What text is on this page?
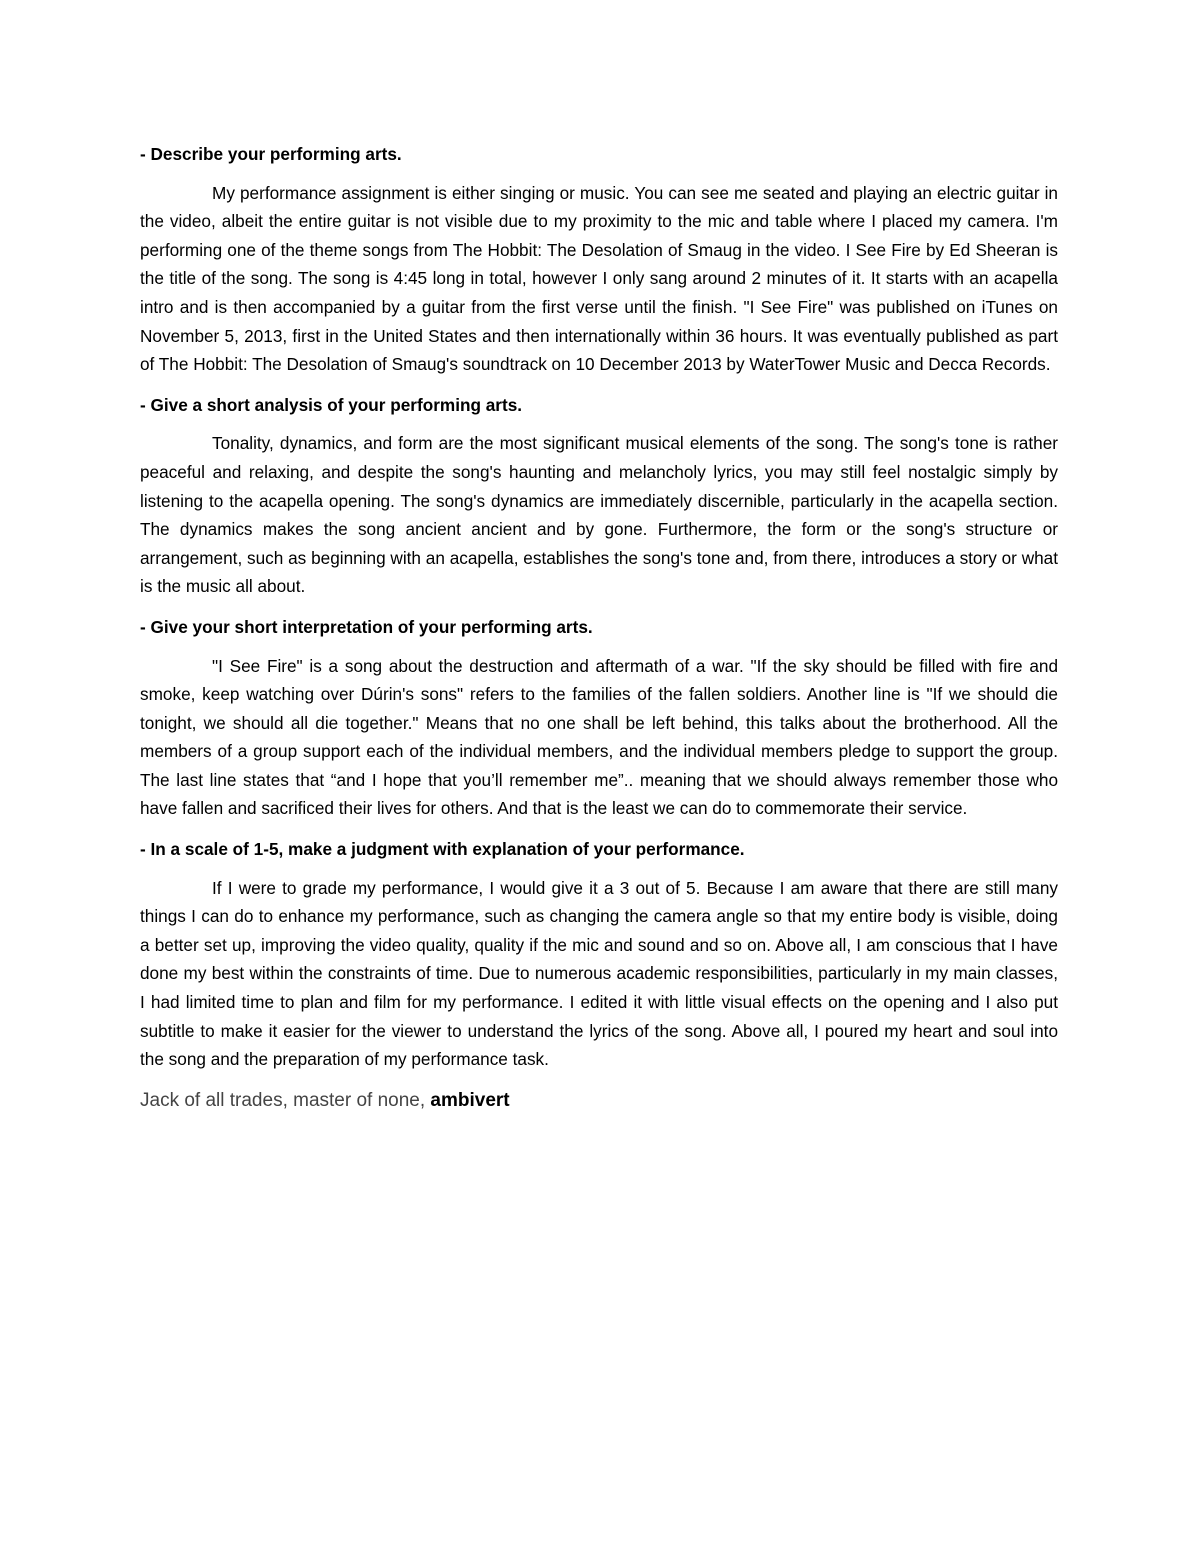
- Describe your performing arts.

My performance assignment is either singing or music. You can see me seated and playing an electric guitar in the video, albeit the entire guitar is not visible due to my proximity to the mic and table where I placed my camera. I'm performing one of the theme songs from The Hobbit: The Desolation of Smaug in the video. I See Fire by Ed Sheeran is the title of the song. The song is 4:45 long in total, however I only sang around 2 minutes of it. It starts with an acapella intro and is then accompanied by a guitar from the first verse until the finish. "I See Fire" was published on iTunes on November 5, 2013, first in the United States and then internationally within 36 hours. It was eventually published as part of The Hobbit: The Desolation of Smaug's soundtrack on 10 December 2013 by WaterTower Music and Decca Records.

- Give a short analysis of your performing arts.

Tonality, dynamics, and form are the most significant musical elements of the song. The song's tone is rather peaceful and relaxing, and despite the song's haunting and melancholy lyrics, you may still feel nostalgic simply by listening to the acapella opening. The song's dynamics are immediately discernible, particularly in the acapella section. The dynamics makes the song ancient ancient and by gone. Furthermore, the form or the song's structure or arrangement, such as beginning with an acapella, establishes the song's tone and, from there, introduces a story or what is the music all about.

- Give your short interpretation of your performing arts.

"I See Fire" is a song about the destruction and aftermath of a war. "If the sky should be filled with fire and smoke, keep watching over Dúrin's sons" refers to the families of the fallen soldiers. Another line is "If we should die tonight, we should all die together." Means that no one shall be left behind, this talks about the brotherhood. All the members of a group support each of the individual members, and the individual members pledge to support the group. The last line states that “and I hope that you’ll remember me”.. meaning that we should always remember those who have fallen and sacrificed their lives for others. And that is the least we can do to commemorate their service.

- In a scale of 1-5, make a judgment with explanation of your performance.

If I were to grade my performance, I would give it a 3 out of 5. Because I am aware that there are still many things I can do to enhance my performance, such as changing the camera angle so that my entire body is visible, doing a better set up, improving the video quality, quality if the mic and sound and so on. Above all, I am conscious that I have done my best within the constraints of time. Due to numerous academic responsibilities, particularly in my main classes, I had limited time to plan and film for my performance. I edited it with little visual effects on the opening and I also put subtitle to make it easier for the viewer to understand the lyrics of the song. Above all, I poured my heart and soul into the song and the preparation of my performance task.

Jack of all trades, master of none, ambivert
